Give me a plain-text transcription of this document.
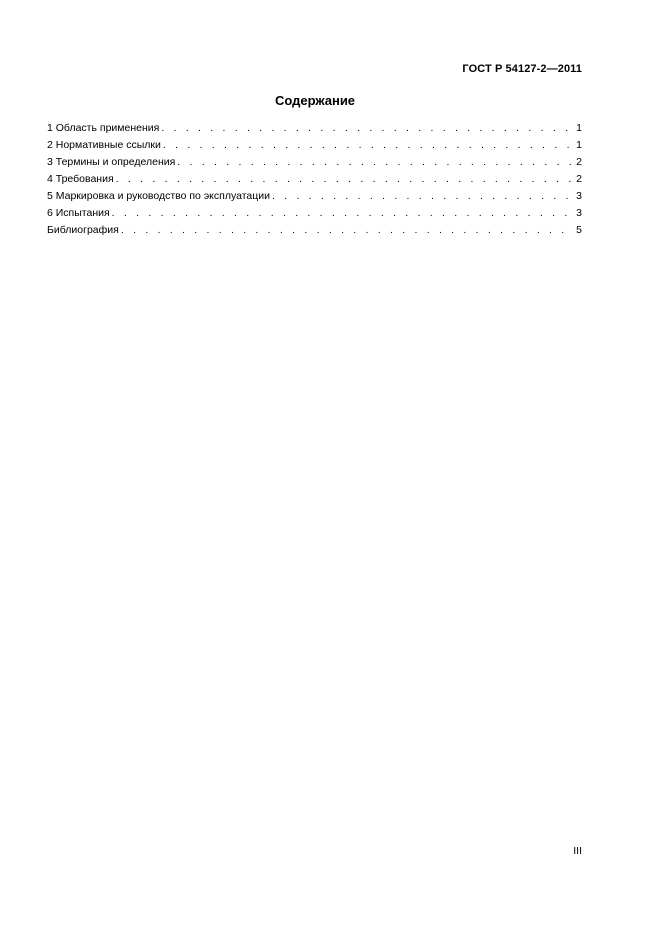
ГОСТ Р 54127-2—2011
Содержание
1 Область применения . . .	1
2 Нормативные ссылки . . .	1
3 Термины и определения . . .	2
4 Требования . . .	2
5 Маркировка и руководство по эксплуатации . . .	3
6 Испытания . . .	3
Библиография . . .	5
III
